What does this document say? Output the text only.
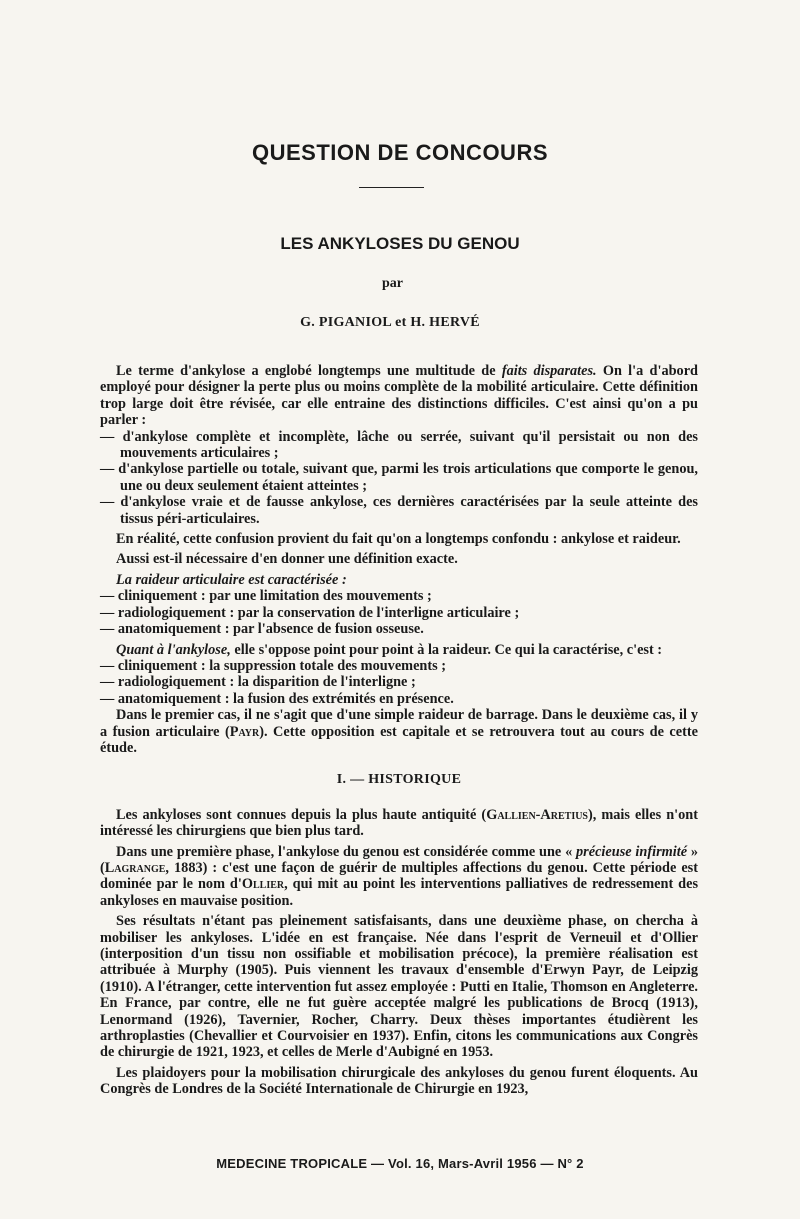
QUESTION DE CONCOURS
LES ANKYLOSES DU GENOU
par
G. PIGANIOL et H. HERVÉ

Le terme d'ankylose a englobé longtemps une multitude de faits disparates. On l'a d'abord employé pour désigner la perte plus ou moins complète de la mobilité articulaire. Cette définition trop large doit être révisée, car elle entraine des distinctions difficiles. C'est ainsi qu'on a pu parler :

— d'ankylose complète et incomplète, lâche ou serrée, suivant qu'il persistait ou non des mouvements articulaires ;

— d'ankylose partielle ou totale, suivant que, parmi les trois articulations que comporte le genou, une ou deux seulement étaient atteintes ;

— d'ankylose vraie et de fausse ankylose, ces dernières caractérisées par la seule atteinte des tissus péri-articulaires.

En réalité, cette confusion provient du fait qu'on a longtemps confondu : ankylose et raideur.

Aussi est-il nécessaire d'en donner une définition exacte.

La raideur articulaire est caractérisée :

— cliniquement : par une limitation des mouvements ;

— radiologiquement : par la conservation de l'interligne articulaire ;

— anatomiquement : par l'absence de fusion osseuse.

Quant à l'ankylose, elle s'oppose point pour point à la raideur. Ce qui la caractérise, c'est :

— cliniquement : la suppression totale des mouvements ;

— radiologiquement : la disparition de l'interligne ;

— anatomiquement : la fusion des extrémités en présence.

Dans le premier cas, il ne s'agit que d'une simple raideur de barrage. Dans le deuxième cas, il y a fusion articulaire (Payr). Cette opposition est capitale et se retrouvera tout au cours de cette étude.

I. — HISTORIQUE

Les ankyloses sont connues depuis la plus haute antiquité (Gallien-Aretius), mais elles n'ont intéressé les chirurgiens que bien plus tard.

Dans une première phase, l'ankylose du genou est considérée comme une « précieuse infirmité » (Lagrange, 1883) : c'est une façon de guérir de multiples affections du genou. Cette période est dominée par le nom d'Ollier, qui mit au point les interventions palliatives de redressement des ankyloses en mauvaise position.

Ses résultats n'étant pas pleinement satisfaisants, dans une deuxième phase, on chercha à mobiliser les ankyloses. L'idée en est française. Née dans l'esprit de Verneuil et d'Ollier (interposition d'un tissu non ossifiable et mobilisation précoce), la première réalisation est attribuée à Murphy (1905). Puis viennent les travaux d'ensemble d'Erwyn Payr, de Leipzig (1910). A l'étranger, cette intervention fut assez employée : Putti en Italie, Thomson en Angleterre. En France, par contre, elle ne fut guère acceptée malgré les publications de Brocq (1913), Lenormand (1926), Tavernier, Rocher, Charry. Deux thèses importantes étudièrent les arthroplasties (Chevallier et Courvoisier en 1937). Enfin, citons les communications aux Congrès de chirurgie de 1921, 1923, et celles de Merle d'Aubigné en 1953.

Les plaidoyers pour la mobilisation chirurgicale des ankyloses du genou furent éloquents. Au Congrès de Londres de la Société Internationale de Chirurgie en 1923,

MEDECINE TROPICALE — Vol. 16, Mars-Avril 1956 — N° 2
